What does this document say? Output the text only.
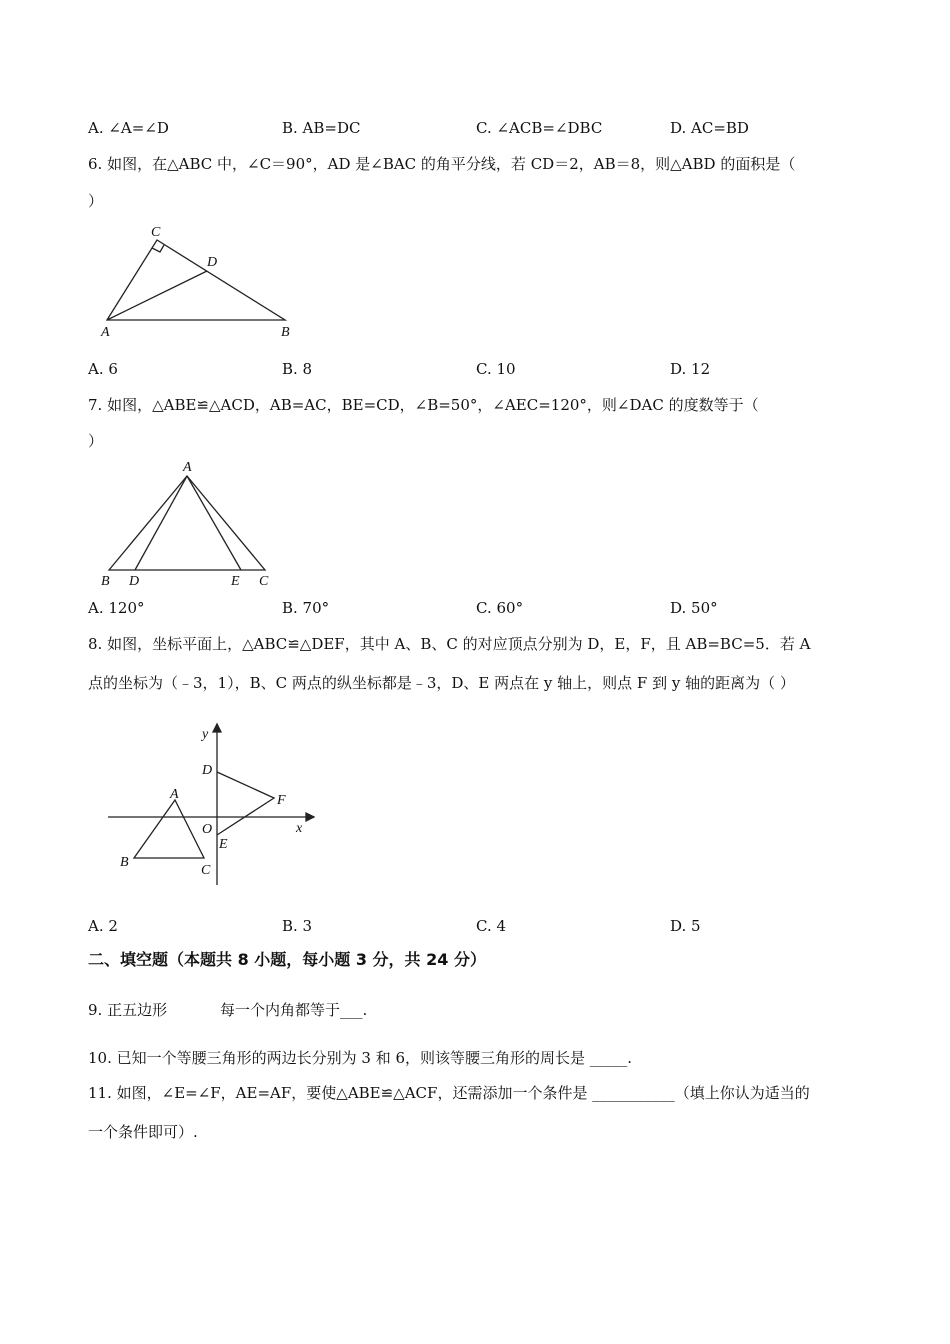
A. ∠A=∠D	B. AB=DC	C. ∠ACB=∠DBC	D. AC=BD
6. 如图，在△ABC 中，∠C＝90°，AD 是∠BAC 的角平分线，若 CD＝2，AB＝8，则△ABD 的面积是（
）
C
D
A	B
A. 6	B. 8	C. 10	D. 12
7. 如图，△ABE≌△ACD，AB=AC，BE=CD，∠B=50°，∠AEC=120°，则∠DAC 的度数等于（
）
A
B D	E C
A. 120°	B. 70°	C. 60°	D. 50°
8. 如图，坐标平面上，△ABC≌△DEF，其中 A、B、C 的对应顶点分别为 D，E，F，且 AB=BC=5．若 A
点的坐标为（﹣3，1），B、C 两点的纵坐标都是﹣3，D、E 两点在 y 轴上，则点 F 到 y 轴的距离为（ ）
y
x
O
A
B
C
D
E
F
A. 2	B. 3	C. 4	D. 5
二、填空题（本题共 8 小题，每小题 3 分，共 24 分）
9. 正五边形	每一个内角都等于___.
10. 已知一个等腰三角形的两边长分别为 3 和 6，则该等腰三角形的周长是 _____.
11. 如图，∠E=∠F，AE=AF，要使△ABE≌△ACF，还需添加一个条件是 ___________（填上你认为适当的
一个条件即可）.
